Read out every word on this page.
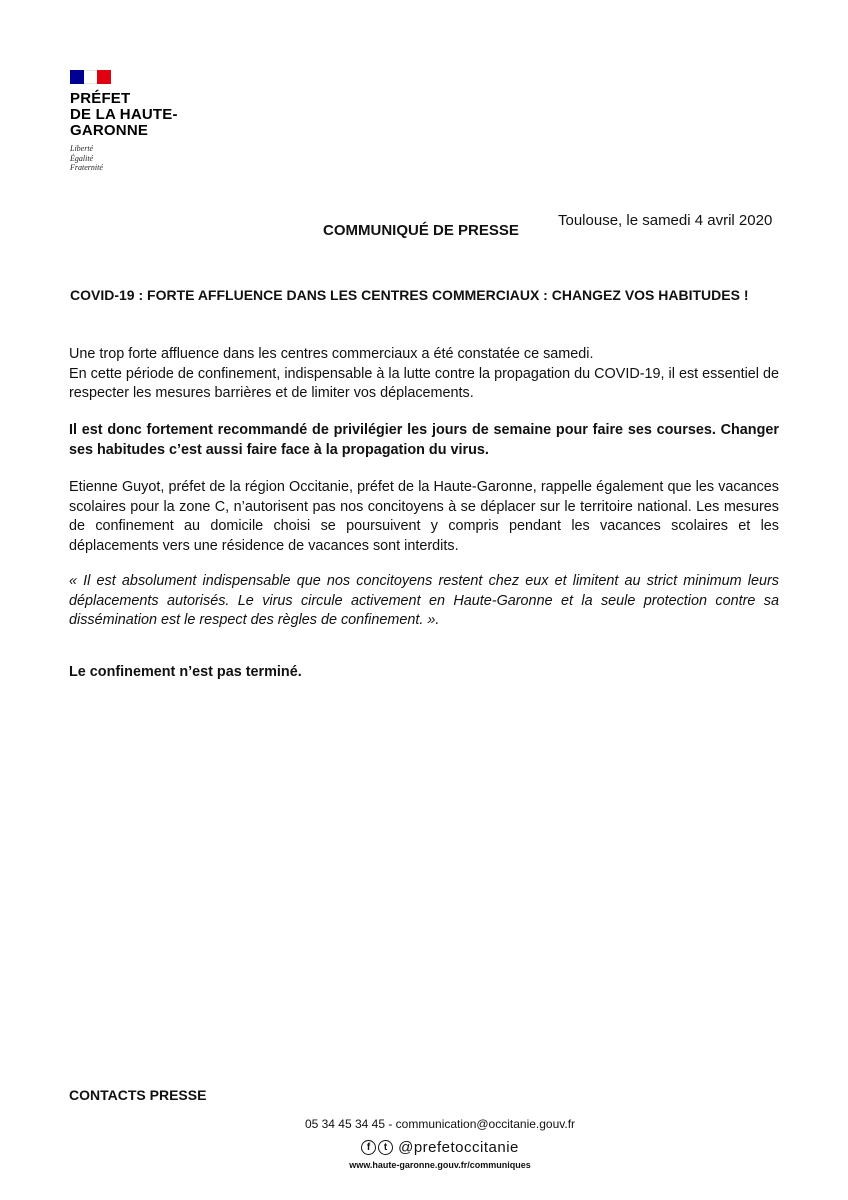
PRÉFET
DE LA HAUTE-
GARONNE
Liberté
Égalité
Fraternité
COMMUNIQUÉ DE PRESSE
Toulouse, le samedi 4 avril 2020
COVID-19 : FORTE AFFLUENCE DANS LES CENTRES COMMERCIAUX : CHANGEZ VOS HABITUDES !
Une trop forte affluence dans les centres commerciaux a été constatée ce samedi.
En cette période de confinement, indispensable à la lutte contre la propagation du COVID-19, il est essentiel de respecter les mesures barrières et de limiter vos déplacements.
Il est donc fortement recommandé de privilégier les jours de semaine pour faire ses courses. Changer ses habitudes c’est aussi faire face à la propagation du virus.
Etienne Guyot, préfet de la région Occitanie, préfet de la Haute-Garonne, rappelle également que les vacances scolaires pour la zone C, n’autorisent pas nos concitoyens à se déplacer sur le territoire national. Les mesures de confinement au domicile choisi se poursuivent y compris pendant les vacances scolaires et les déplacements vers une résidence de vacances sont interdits.
« Il est absolument indispensable que nos concitoyens restent chez eux et limitent au strict minimum leurs déplacements autorisés. Le virus circule activement en Haute-Garonne et la seule protection contre sa dissémination est le respect des règles de confinement. ».
Le confinement n’est pas terminé.
CONTACTS PRESSE
05 34 45 34 45 - communication@occitanie.gouv.fr
f	t @prefetoccitanie
www.haute-garonne.gouv.fr/communiques
